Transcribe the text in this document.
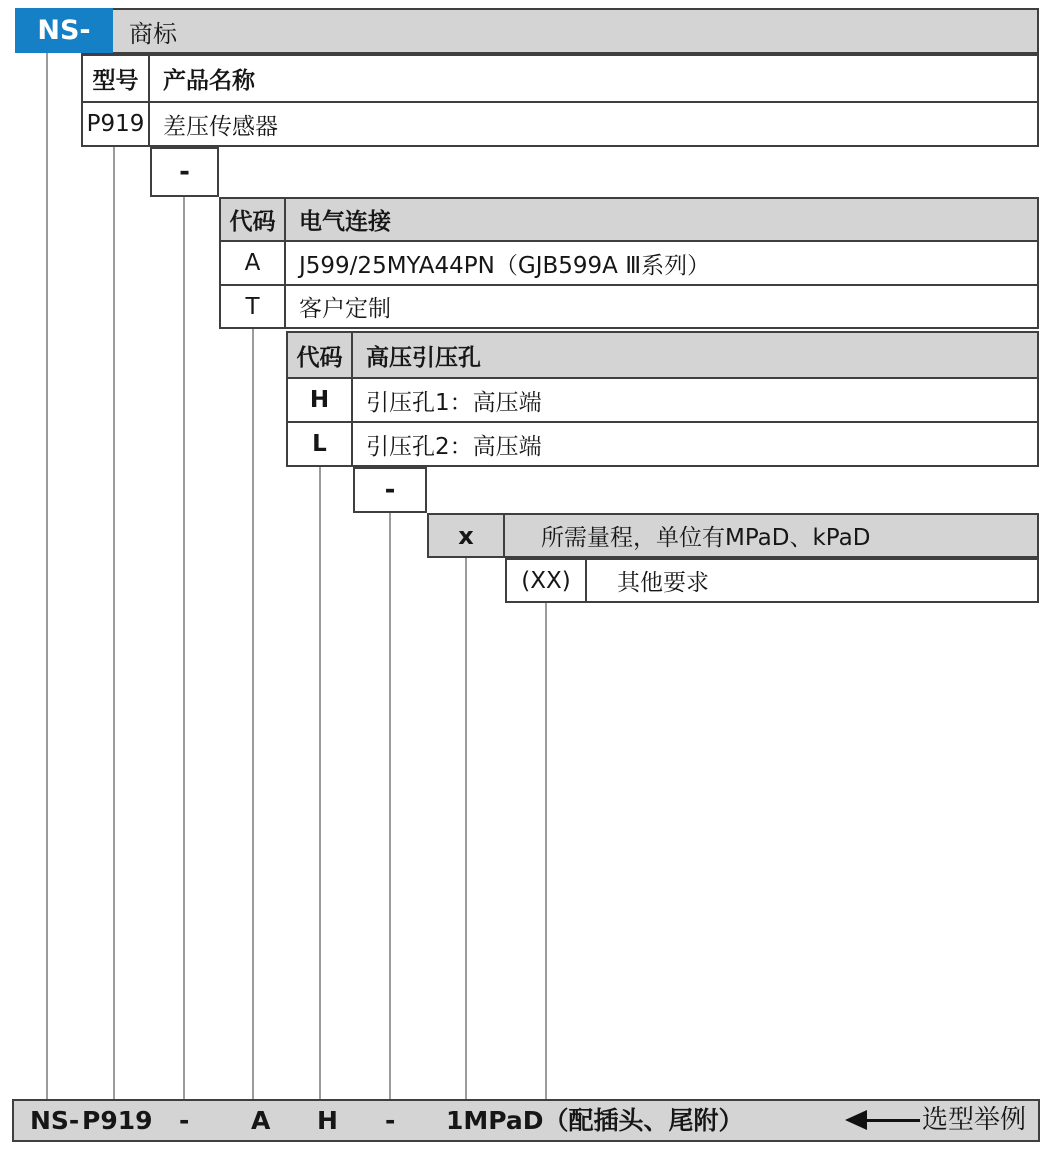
商标
NS-
型号	产品名称
P919 差压传感器
-
代码	电气连接
A	J599/25MYA44PN（GJB599A Ⅲ系列）
T	客户定制
代码	高压引压孔
H	引压孔1：高压端
L	引压孔2：高压端
-
x	所需量程，单位有MPaD、kPaD
(XX)	其他要求
NS- P919 - A H - 1MPaD（配插头、尾附）	选型举例
